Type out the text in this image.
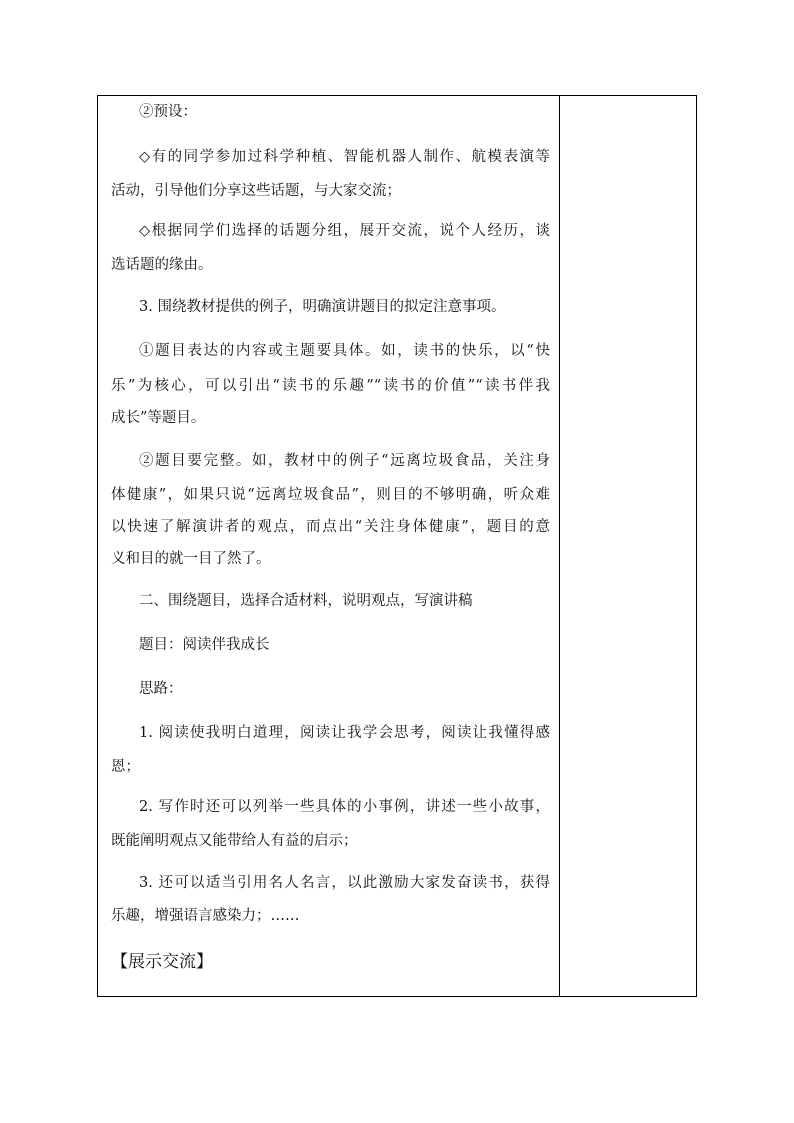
②预设：
◇有的同学参加过科学种植、智能机器人制作、航模表演等
活动，引导他们分享这些话题，与大家交流；
◇根据同学们选择的话题分组，展开交流，说个人经历，谈
选话题的缘由。
3. 围绕教材提供的例子，明确演讲题目的拟定注意事项。
①题目表达的内容或主题要具体。如，读书的快乐，以“快
乐”为核心，可以引出“读书的乐趣”“读书的价值”“读书伴我
成长”等题目。
②题目要完整。如，教材中的例子“远离垃圾食品，关注身
体健康”，如果只说“远离垃圾食品”，则目的不够明确，听众难
以快速了解演讲者的观点，而点出“关注身体健康”，题目的意
义和目的就一目了然了。
二、围绕题目，选择合适材料，说明观点，写演讲稿
题目：阅读伴我成长
思路：
1. 阅读使我明白道理，阅读让我学会思考，阅读让我懂得感
恩；
2. 写作时还可以列举一些具体的小事例，讲述一些小故事，
既能阐明观点又能带给人有益的启示；
3. 还可以适当引用名人名言，以此激励大家发奋读书，获得
乐趣，增强语言感染力；……
【展示交流】
